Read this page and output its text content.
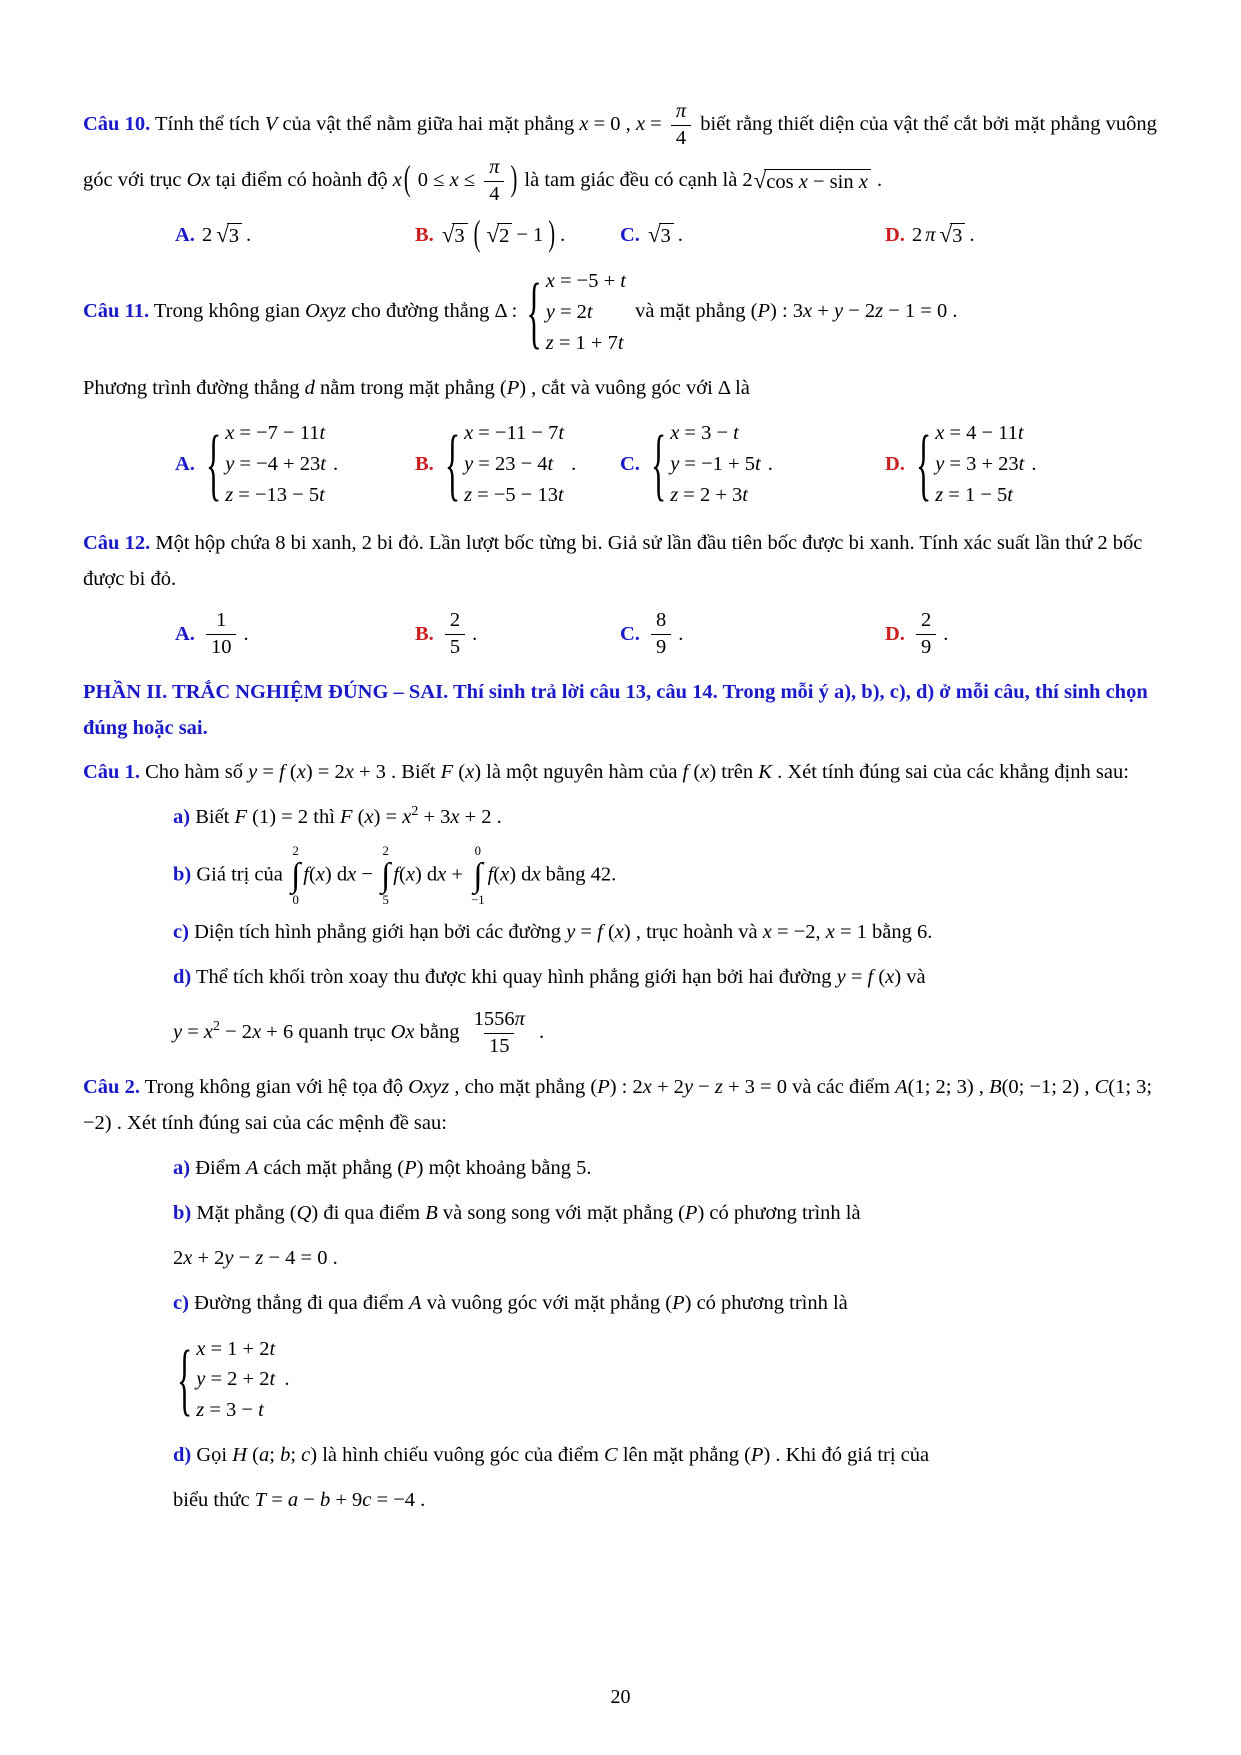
Câu 10. Tính thể tích V của vật thể nằm giữa hai mặt phẳng x = 0 , $x = \frac{\pi}{4}$ biết rằng thiết diện của vật thể cắt bởi mặt phẳng vuông góc với trục Ox tại điểm có hoành độ x( $0 \le x \le \frac{\pi}{4}$ ) là tam giác đều có cạnh là 2 √ cos x − sin x .
A. 2 √ 3 .	B. √ 3 ( √ 2 − 1 ) .	C. √ 3 .	D. 2 π √ 3 .
Câu 11. Trong không gian Oxyz cho đường thẳng Δ : { x = −5 + t
y = 2t
z = 1 + 7t
và mặt phẳng (P) : 3x + y − 2z − 1 = 0 .
Phương trình đường thẳng d nằm trong mặt phẳng (P) , cắt và vuông góc với Δ là
A. { x = −7 − 11t
y = −4 + 23t
z = −13 − 5t
.	B. { x = −11 − 7t
y = 23 − 4t
z = −5 − 13t
. C. { x = 3 − t
y = −1 + 5t
z = 2 + 3t
.	D. { x = 4 − 11t
y = 3 + 23t
z = 1 − 5t
.
Câu 12. Một hộp chứa 8 bi xanh, 2 bi đỏ. Lần lượt bốc từng bi. Giả sử lần đầu tiên bốc được bi xanh. Tính xác suất lần thứ 2 bốc được bi đỏ.
A. $\frac{1}{10}$ .	B. $\frac{2}{5}$ .	C. $\frac{8}{9}$ .	D. $\frac{2}{9}$ .
PHẦN II. TRẮC NGHIỆM ĐÚNG – SAI. Thí sinh trả lời câu 13, câu 14. Trong mỗi ý a), b), c), d) ở mỗi câu, thí sinh chọn đúng hoặc sai.
Câu 1. Cho hàm số y = f (x) = 2x + 3 . Biết F (x) là một nguyên hàm của f (x) trên K . Xét tính đúng sai của các khẳng định sau:
a) Biết F (1) = 2 thì F $(x) = x^2 + 3x + 2$ .
b) Giá trị của
2
∫
0
f(x) dx −
2
∫
5
f(x) dx +
0
∫
−1
f(x) dx bằng 42.
c) Diện tích hình phẳng giới hạn bởi các đường y = f (x) , trục hoành và x = −2, x = 1 bằng 6.
d) Thể tích khối tròn xoay thu được khi quay hình phẳng giới hạn bởi hai đường y = f (x) và
$y = x^2 - 2x + 6$ quanh trục Ox bằng $\frac{1556\pi}{15}$ .
Câu 2. Trong không gian với hệ tọa độ Oxyz , cho mặt phẳng (P) : 2x + 2y − z + 3 = 0 và các điểm A(1; 2; 3) , B(0; −1; 2) , C(1; 3; −2) . Xét tính đúng sai của các mệnh đề sau:
a) Điểm A cách mặt phẳng (P) một khoảng bằng 5.
b) Mặt phẳng (Q) đi qua điểm B và song song với mặt phẳng (P) có phương trình là
2x + 2y − z − 4 = 0 .
c) Đường thẳng đi qua điểm A và vuông góc với mặt phẳng (P) có phương trình là
{ x = 1 + 2t
y = 2 + 2t
z = 3 − t
.
d) Gọi H (a; b; c) là hình chiếu vuông góc của điểm C lên mặt phẳng (P) . Khi đó giá trị của
biểu thức T = a − b + 9c = −4 .
20
